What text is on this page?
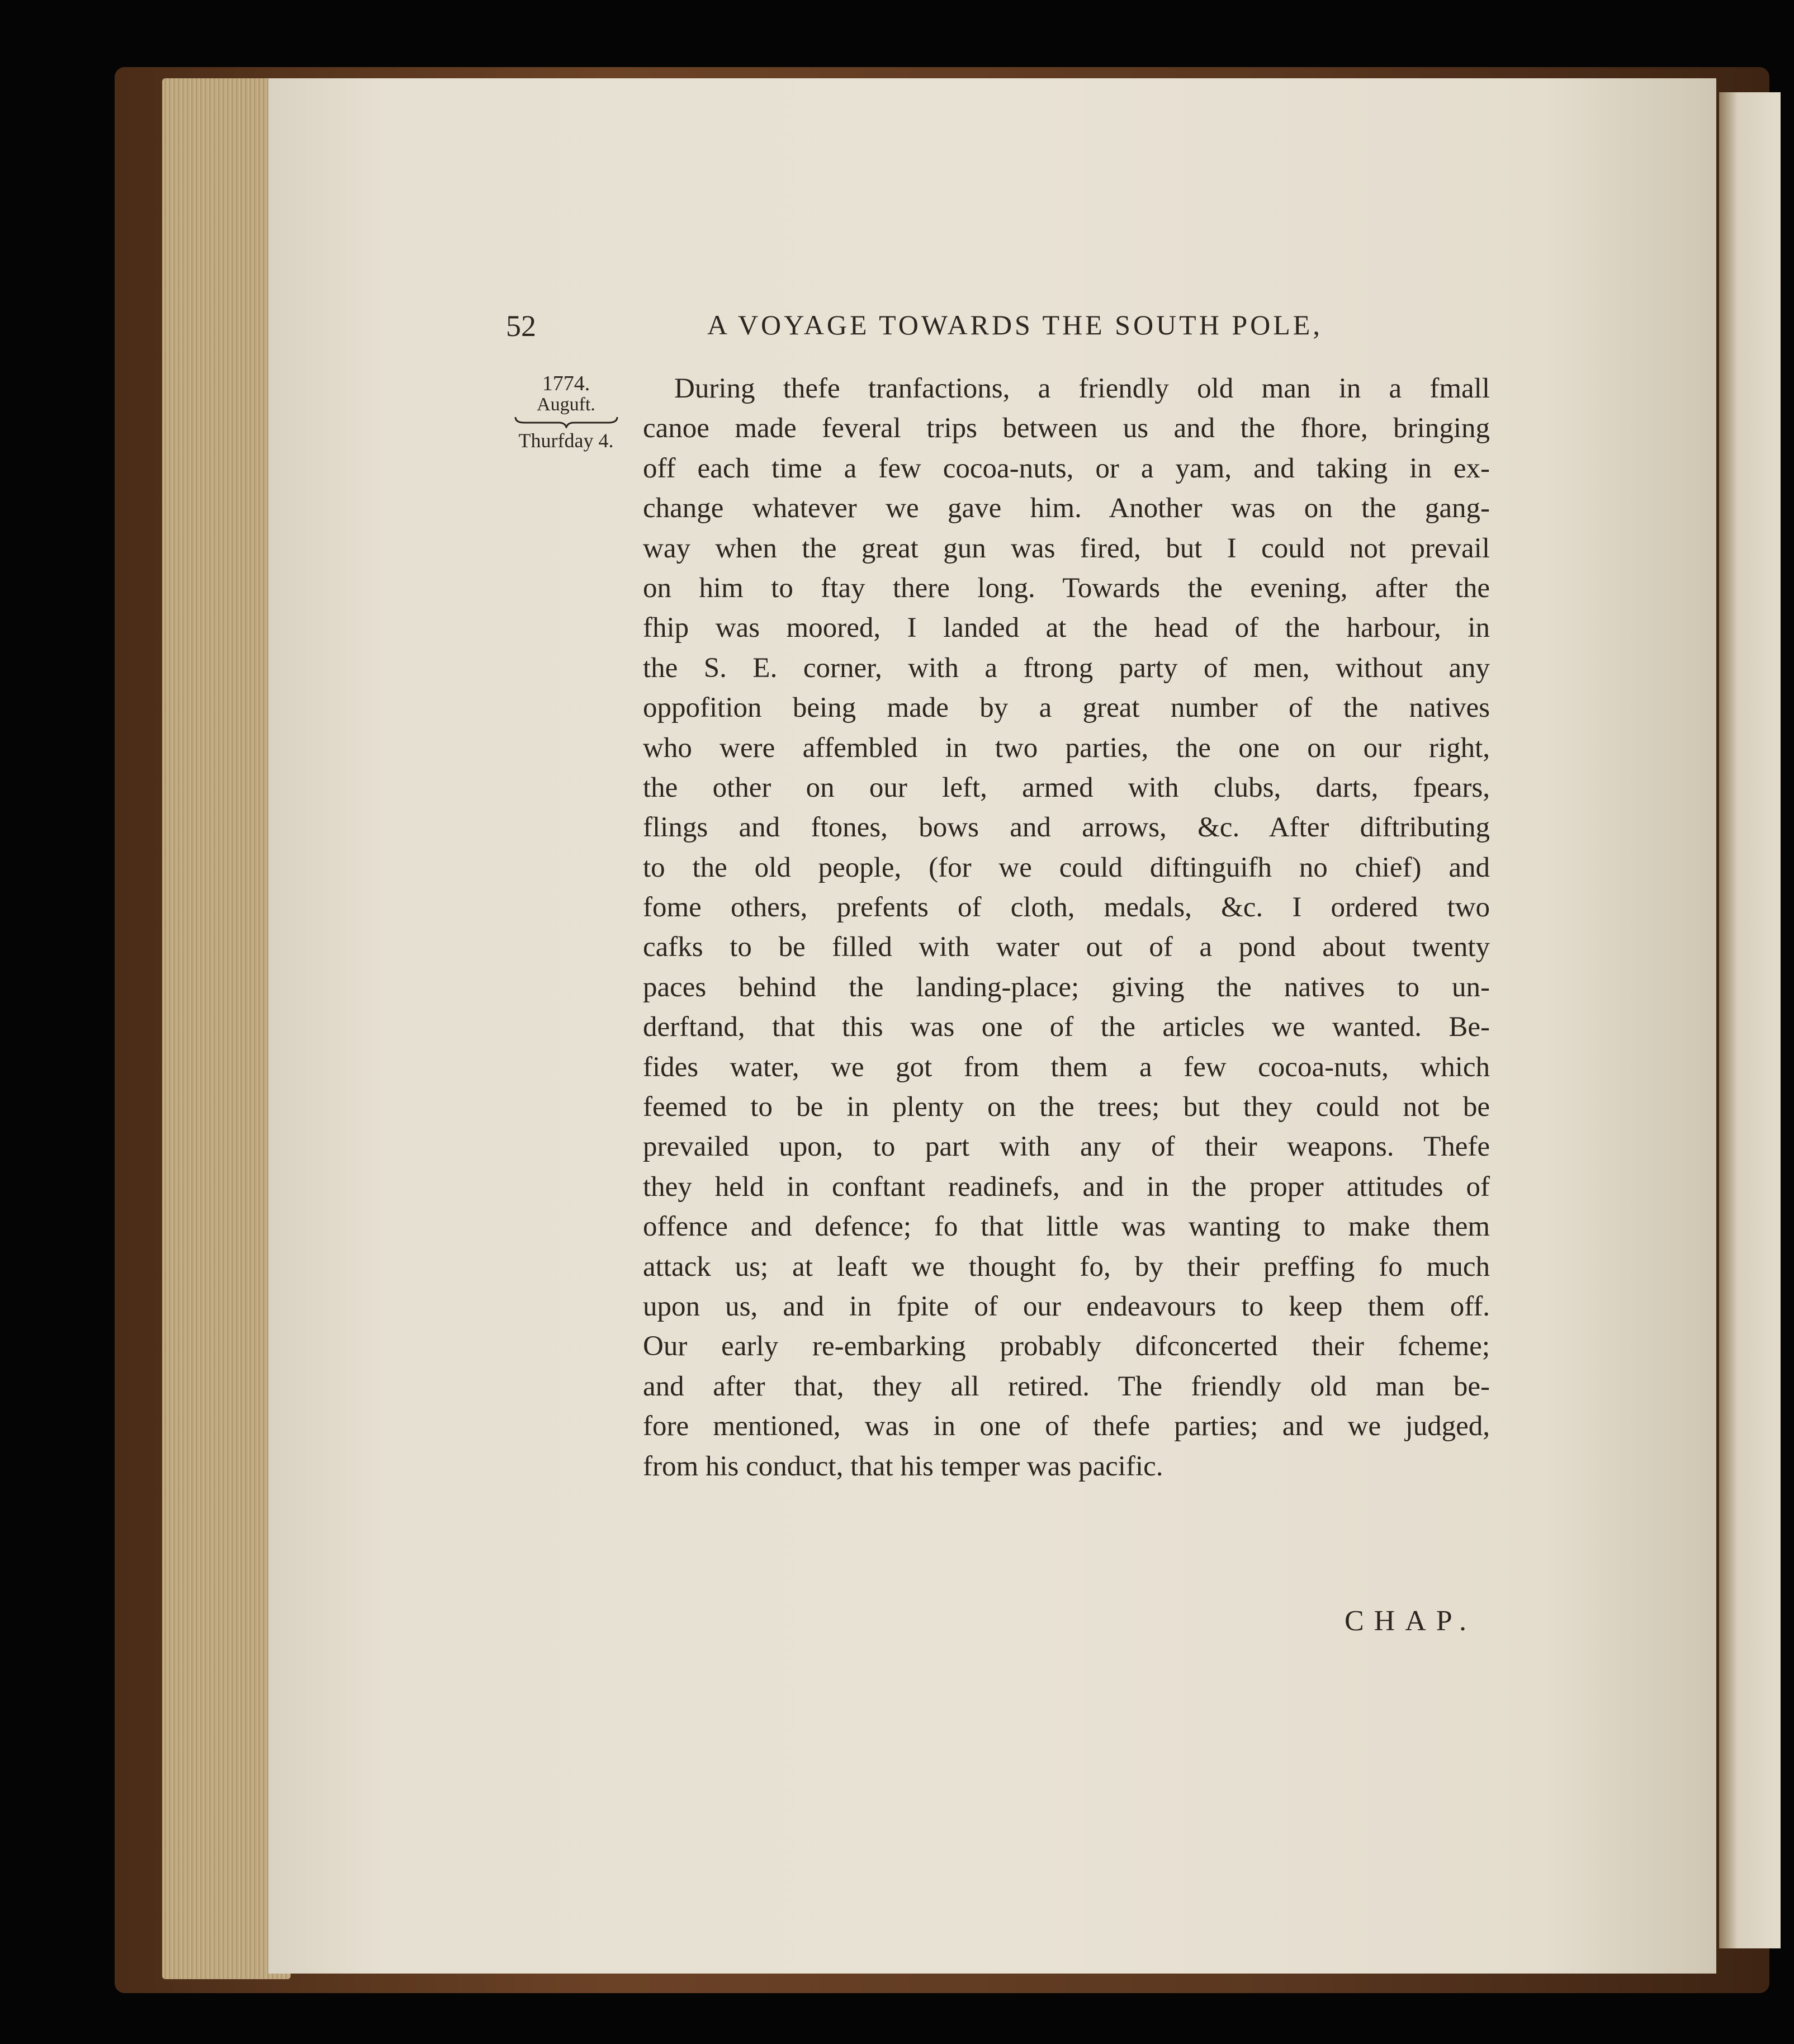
52	A VOYAGE TOWARDS THE SOUTH POLE,
1774.
Auguft.
Thurfday 4.
During thefe tranfactions, a friendly old man in a fmall
canoe made feveral trips between us and the fhore, bringing
off each time a few cocoa-nuts, or a yam, and taking in ex-
change whatever we gave him. Another was on the gang-
way when the great gun was fired, but I could not prevail
on him to ftay there long. Towards the evening, after the
fhip was moored, I landed at the head of the harbour, in
the S. E. corner, with a ftrong party of men, without any
oppofition being made by a great number of the natives
who were affembled in two parties, the one on our right,
the other on our left, armed with clubs, darts, fpears,
flings and ftones, bows and arrows, &c. After diftributing
to the old people, (for we could diftinguifh no chief) and
fome others, prefents of cloth, medals, &c. I ordered two
cafks to be filled with water out of a pond about twenty
paces behind the landing-place; giving the natives to un-
derftand, that this was one of the articles we wanted. Be-
fides water, we got from them a few cocoa-nuts, which
feemed to be in plenty on the trees; but they could not be
prevailed upon, to part with any of their weapons. Thefe
they held in conftant readinefs, and in the proper attitudes of
offence and defence; fo that little was wanting to make them
attack us; at leaft we thought fo, by their preffing fo much
upon us, and in fpite of our endeavours to keep them off.
Our early re-embarking probably difconcerted their fcheme;
and after that, they all retired. The friendly old man be-
fore mentioned, was in one of thefe parties; and we judged,
from his conduct, that his temper was pacific.
CHAP.
